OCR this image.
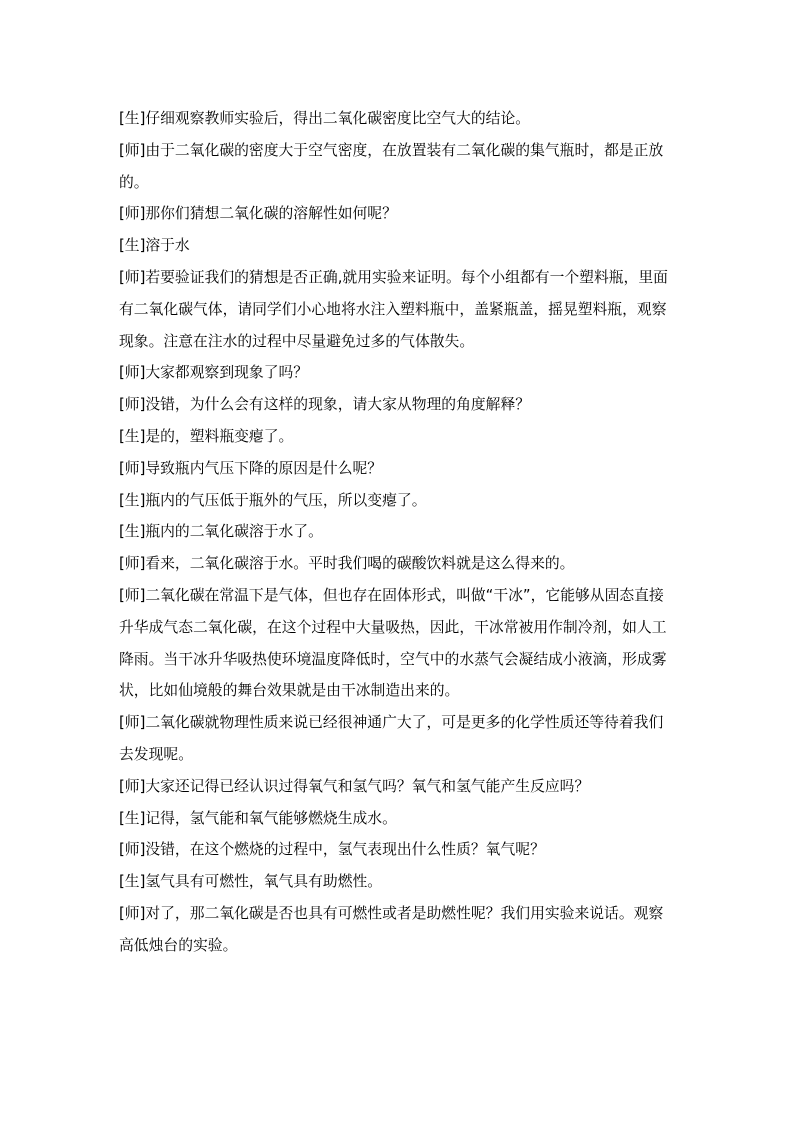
[生]仔细观察教师实验后，得出二氧化碳密度比空气大的结论。

[师]由于二氧化碳的密度大于空气密度，在放置装有二氧化碳的集气瓶时，都是正放的。

[师]那你们猜想二氧化碳的溶解性如何呢？

[生]溶于水

[师]若要验证我们的猜想是否正确,就用实验来证明。每个小组都有一个塑料瓶，里面有二氧化碳气体，请同学们小心地将水注入塑料瓶中，盖紧瓶盖，摇晃塑料瓶，观察现象。注意在注水的过程中尽量避免过多的气体散失。

[师]大家都观察到现象了吗？

[师]没错，为什么会有这样的现象，请大家从物理的角度解释？

[生]是的，塑料瓶变瘪了。

[师]导致瓶内气压下降的原因是什么呢？

[生]瓶内的气压低于瓶外的气压，所以变瘪了。

[生]瓶内的二氧化碳溶于水了。

[师]看来，二氧化碳溶于水。平时我们喝的碳酸饮料就是这么得来的。

[师]二氧化碳在常温下是气体，但也存在固体形式，叫做“干冰”，它能够从固态直接升华成气态二氧化碳，在这个过程中大量吸热，因此，干冰常被用作制冷剂，如人工降雨。当干冰升华吸热使环境温度降低时，空气中的水蒸气会凝结成小液滴，形成雾状，比如仙境般的舞台效果就是由干冰制造出来的。

[师]二氧化碳就物理性质来说已经很神通广大了，可是更多的化学性质还等待着我们去发现呢。

[师]大家还记得已经认识过得氧气和氢气吗？氧气和氢气能产生反应吗？

[生]记得，氢气能和氧气能够燃烧生成水。

[师]没错，在这个燃烧的过程中，氢气表现出什么性质？氧气呢？

[生]氢气具有可燃性，氧气具有助燃性。

[师]对了，那二氧化碳是否也具有可燃性或者是助燃性呢？我们用实验来说话。观察高低烛台的实验。
